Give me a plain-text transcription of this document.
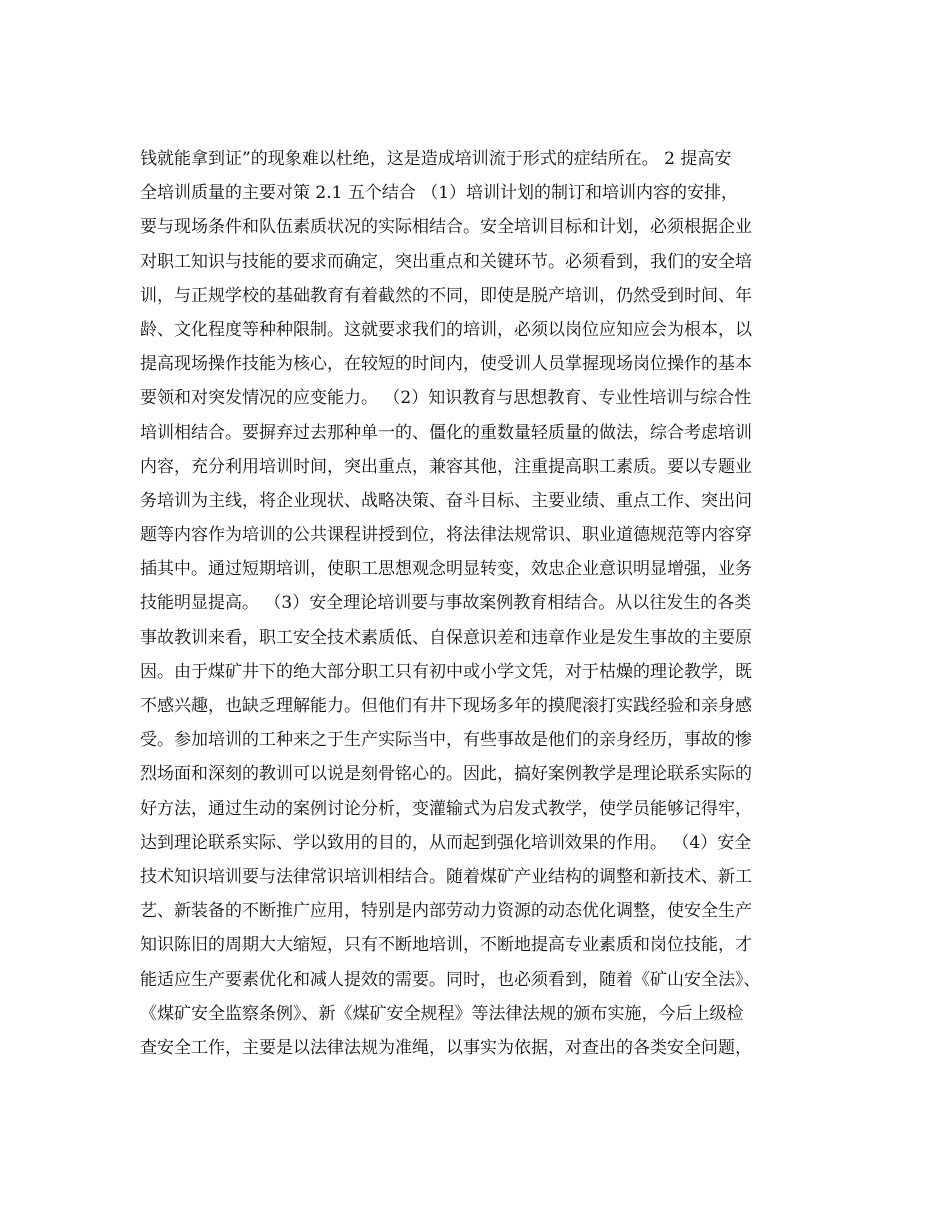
钱就能拿到证”的现象难以杜绝，这是造成培训流于形式的症结所在。 2 提高安
全培训质量的主要对策 2.1 五个结合 （1）培训计划的制订和培训内容的安排，
要与现场条件和队伍素质状况的实际相结合。安全培训目标和计划，必须根据企业
对职工知识与技能的要求而确定，突出重点和关键环节。必须看到，我们的安全培
训，与正规学校的基础教育有着截然的不同，即使是脱产培训，仍然受到时间、年
龄、文化程度等种种限制。这就要求我们的培训，必须以岗位应知应会为根本，以
提高现场操作技能为核心，在较短的时间内，使受训人员掌握现场岗位操作的基本
要领和对突发情况的应变能力。 （2）知识教育与思想教育、专业性培训与综合性
培训相结合。要摒弃过去那种单一的、僵化的重数量轻质量的做法，综合考虑培训
内容，充分利用培训时间，突出重点，兼容其他，注重提高职工素质。要以专题业
务培训为主线，将企业现状、战略决策、奋斗目标、主要业绩、重点工作、突出问
题等内容作为培训的公共课程讲授到位，将法律法规常识、职业道德规范等内容穿
插其中。通过短期培训，使职工思想观念明显转变，效忠企业意识明显增强，业务
技能明显提高。 （3）安全理论培训要与事故案例教育相结合。从以往发生的各类
事故教训来看，职工安全技术素质低、自保意识差和违章作业是发生事故的主要原
因。由于煤矿井下的绝大部分职工只有初中或小学文凭，对于枯燥的理论教学，既
不感兴趣，也缺乏理解能力。但他们有井下现场多年的摸爬滚打实践经验和亲身感
受。参加培训的工种来之于生产实际当中，有些事故是他们的亲身经历，事故的惨
烈场面和深刻的教训可以说是刻骨铭心的。因此，搞好案例教学是理论联系实际的
好方法，通过生动的案例讨论分析，变灌输式为启发式教学，使学员能够记得牢，
达到理论联系实际、学以致用的目的，从而起到强化培训效果的作用。 （4）安全
技术知识培训要与法律常识培训相结合。随着煤矿产业结构的调整和新技术、新工
艺、新装备的不断推广应用，特别是内部劳动力资源的动态优化调整，使安全生产
知识陈旧的周期大大缩短，只有不断地培训，不断地提高专业素质和岗位技能，才
能适应生产要素优化和减人提效的需要。同时，也必须看到，随着《矿山安全法》、
《煤矿安全监察条例》、新《煤矿安全规程》等法律法规的颁布实施，今后上级检
查安全工作，主要是以法律法规为准绳，以事实为依据，对查出的各类安全问题，
